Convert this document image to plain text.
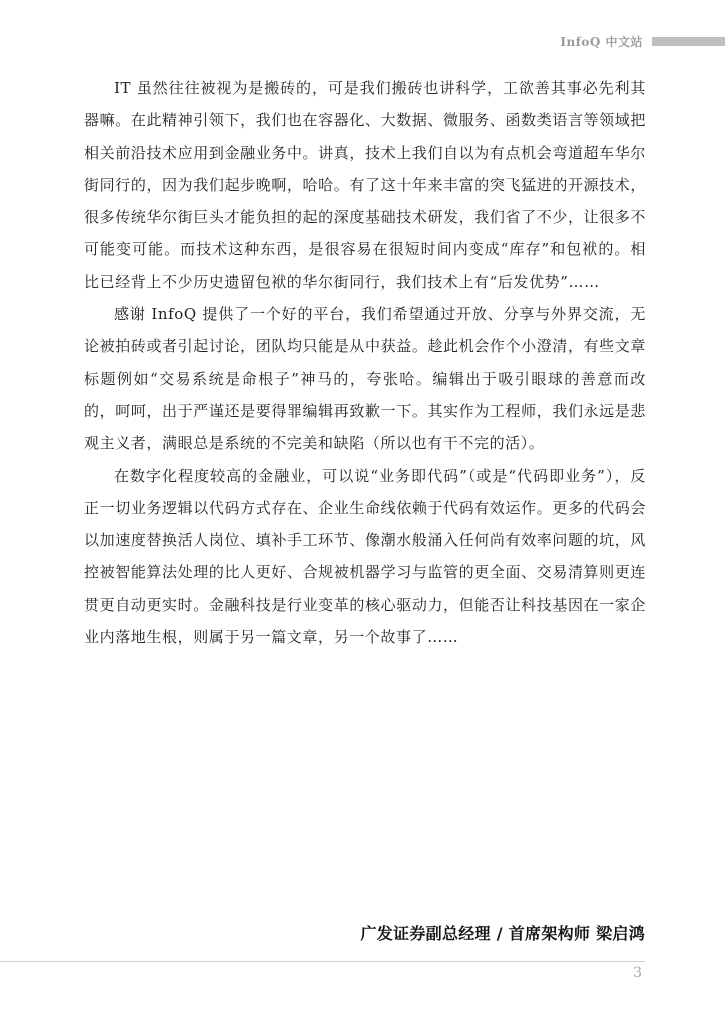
InfoQ 中文站

IT 虽然往往被视为是搬砖的，可是我们搬砖也讲科学，工欲善其事必先利其器嘛。在此精神引领下，我们也在容器化、大数据、微服务、函数类语言等领域把相关前沿技术应用到金融业务中。讲真，技术上我们自以为有点机会弯道超车华尔街同行的，因为我们起步晚啊，哈哈。有了这十年来丰富的突飞猛进的开源技术，很多传统华尔街巨头才能负担的起的深度基础技术研发，我们省了不少，让很多不可能变可能。而技术这种东西，是很容易在很短时间内变成“库存”和包袱的。相比已经背上不少历史遗留包袱的华尔街同行，我们技术上有“后发优势”……

感谢 InfoQ 提供了一个好的平台，我们希望通过开放、分享与外界交流，无论被拍砖或者引起讨论，团队均只能是从中获益。趁此机会作个小澄清，有些文章标题例如“交易系统是命根子”神马的，夸张哈。编辑出于吸引眼球的善意而改的，呵呵，出于严谨还是要得罪编辑再致歉一下。其实作为工程师，我们永远是悲观主义者，满眼总是系统的不完美和缺陷（所以也有干不完的活）。

在数字化程度较高的金融业，可以说“业务即代码”（或是“代码即业务”），反正一切业务逻辑以代码方式存在、企业生命线依赖于代码有效运作。更多的代码会以加速度替换活人岗位、填补手工环节、像潮水般涌入任何尚有效率问题的坑，风控被智能算法处理的比人更好、合规被机器学习与监管的更全面、交易清算则更连贯更自动更实时。金融科技是行业变革的核心驱动力，但能否让科技基因在一家企业内落地生根，则属于另一篇文章，另一个故事了……

广发证券副总经理 / 首席架构师 梁启鸿
3
